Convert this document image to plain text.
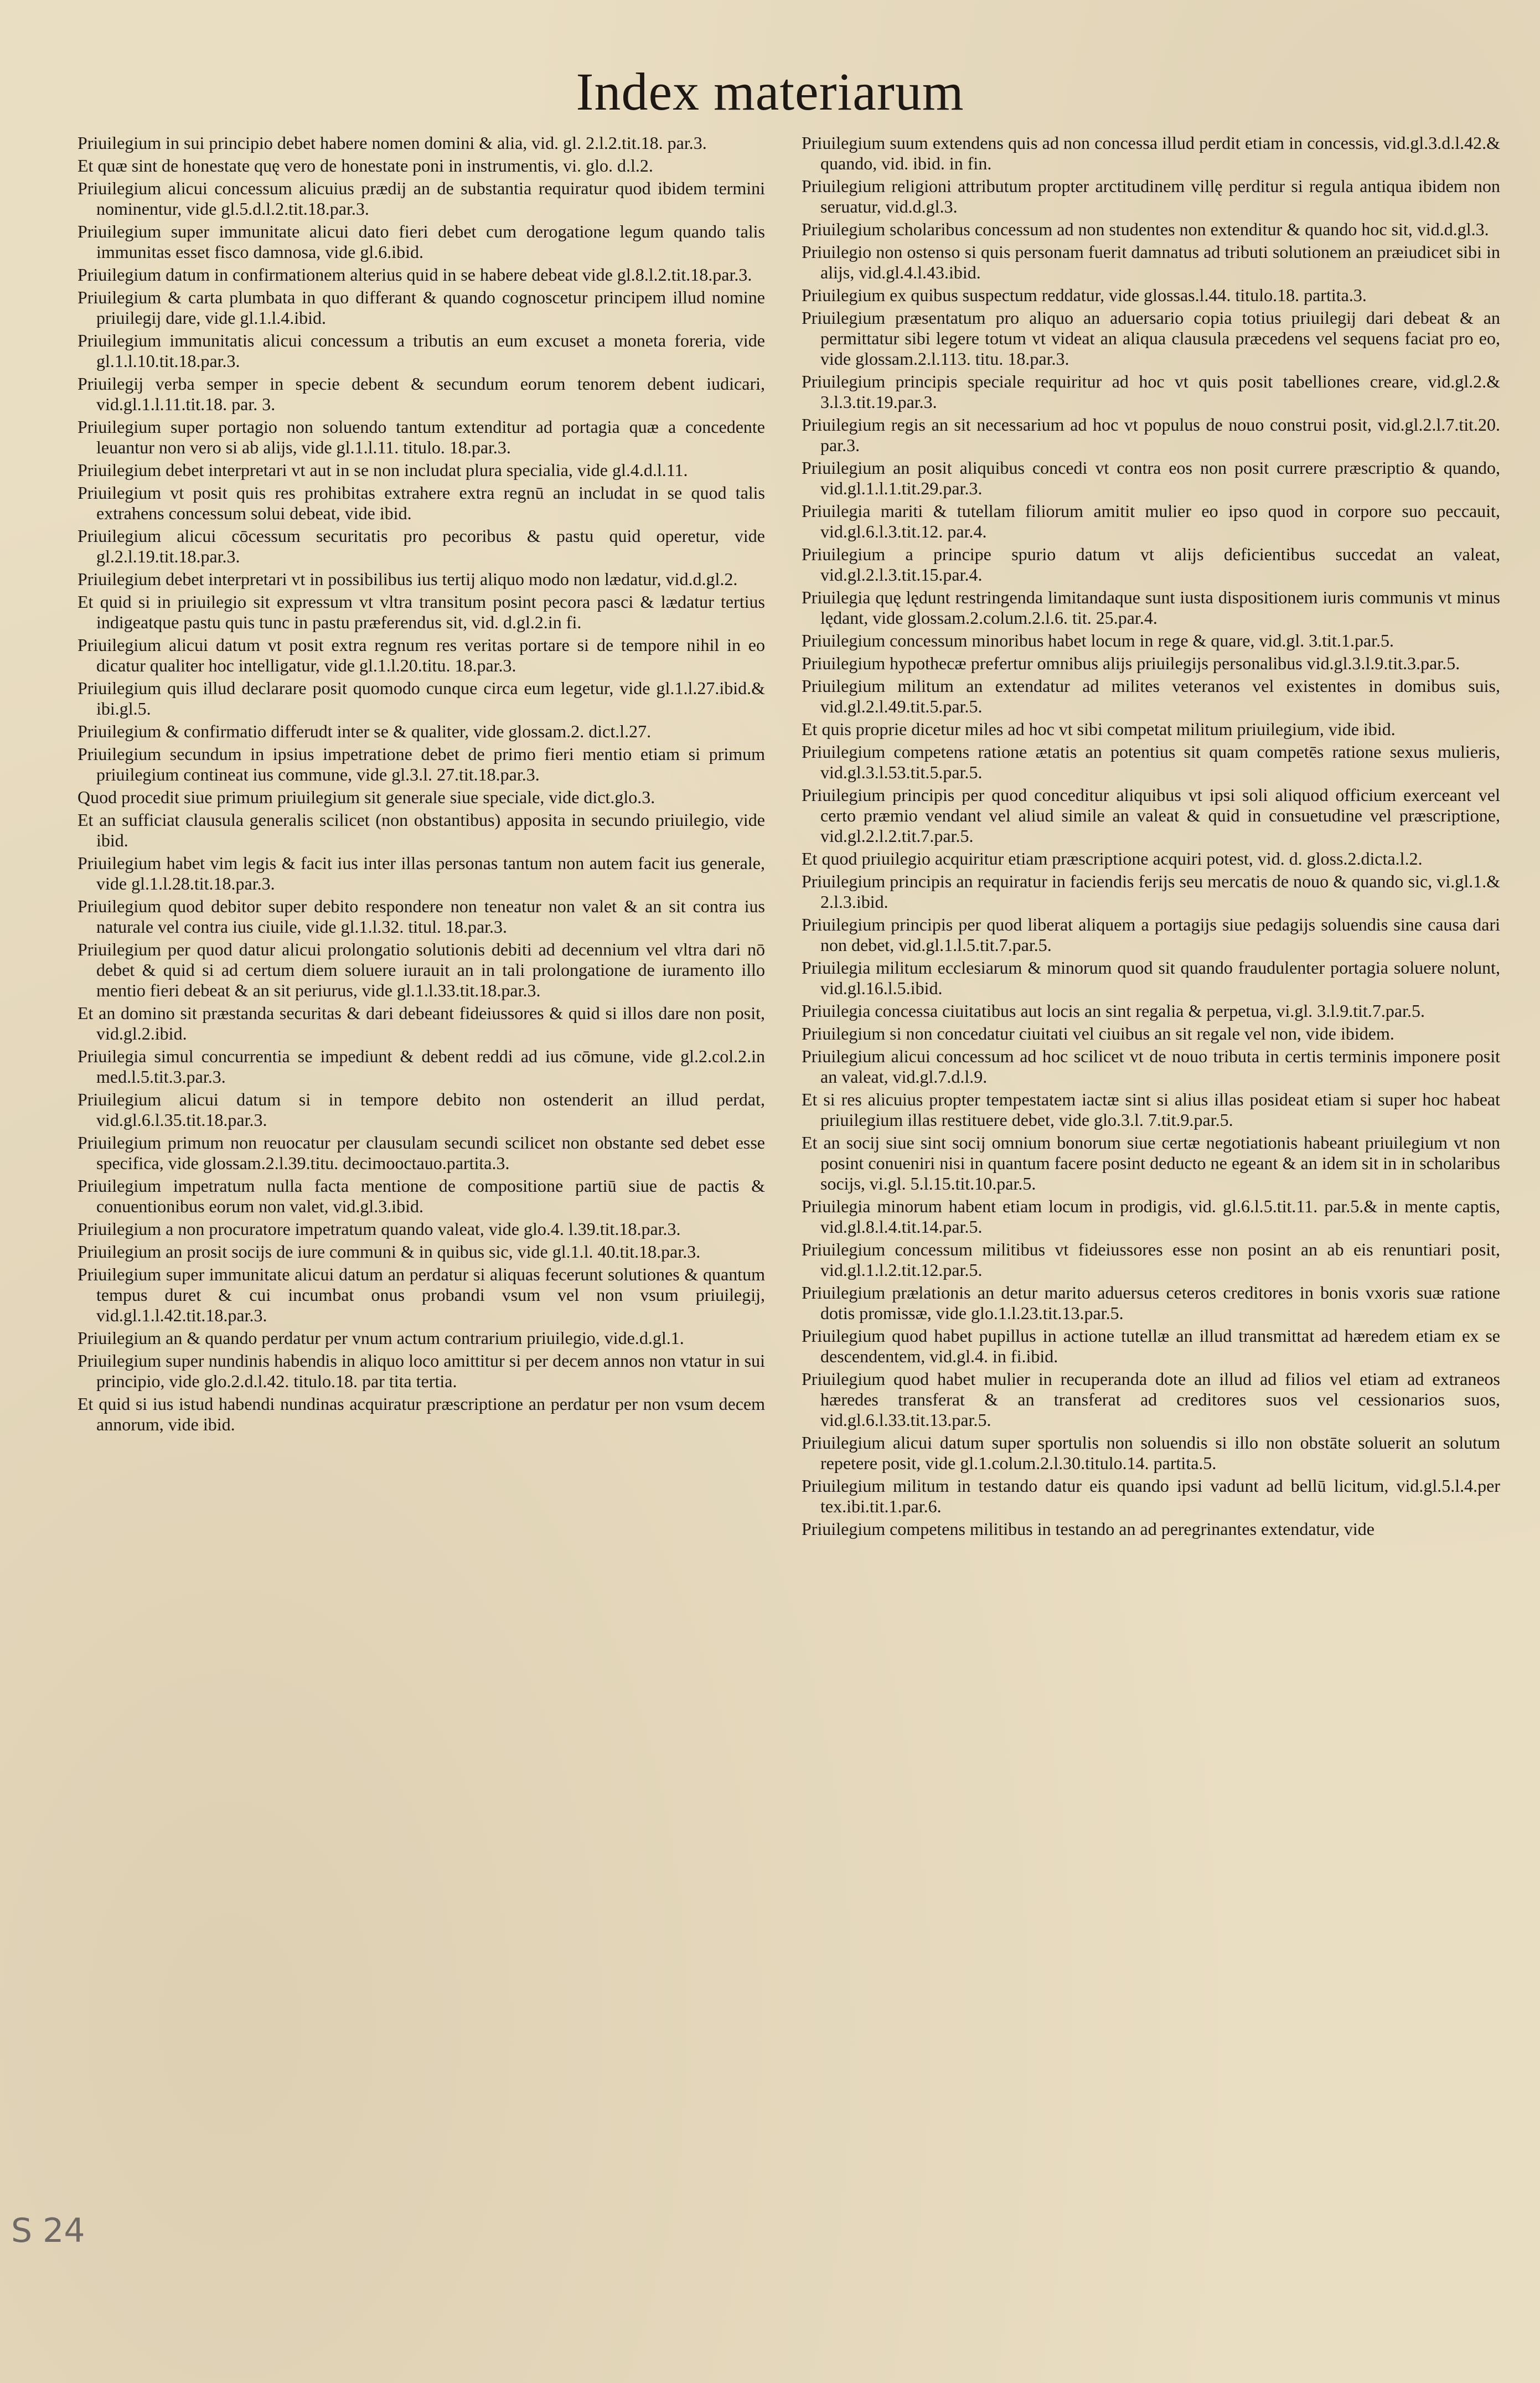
Index materiarum

Priuilegium in sui principio debet habere nomen domini & alia, vid. gl. 2.l.2.tit.18. par.3.

Et quæ sint de honestate quę vero de honestate poni in instrumentis, vi. glo. d.l.2.

Priuilegium alicui concessum alicuius prædij an de substantia requiratur quod ibidem termini nominentur, vide gl.5.d.l.2.tit.18.par.3.

Priuilegium super immunitate alicui dato fieri debet cum derogatione legum quando talis immunitas esset fisco damnosa, vide gl.6.ibid.

Priuilegium datum in confirmationem alterius quid in se habere debeat vide gl.8.l.2.tit.18.par.3.

Priuilegium & carta plumbata in quo differant & quando cognoscetur principem illud nomine priuilegij dare, vide gl.1.l.4.ibid.

Priuilegium immunitatis alicui concessum a tributis an eum excuset a moneta foreria, vide gl.1.l.10.tit.18.par.3.

Priuilegij verba semper in specie debent & secundum eorum tenorem debent iudicari, vid.gl.1.l.11.tit.18. par. 3.

Priuilegium super portagio non soluendo tantum extenditur ad portagia quæ a concedente leuantur non vero si ab alijs, vide gl.1.l.11. titulo. 18.par.3.

Priuilegium debet interpretari vt aut in se non includat plura specialia, vide gl.4.d.l.11.

Priuilegium vt posit quis res prohibitas extrahere extra regnū an includat in se quod talis extrahens concessum solui debeat, vide ibid.

Priuilegium alicui cōcessum securitatis pro pecoribus & pastu quid operetur, vide gl.2.l.19.tit.18.par.3.

Priuilegium debet interpretari vt in possibilibus ius tertij aliquo modo non lædatur, vid.d.gl.2.

Et quid si in priuilegio sit expressum vt vltra transitum posint pecora pasci & lædatur tertius indigeatque pastu quis tunc in pastu præferendus sit, vid. d.gl.2.in fi.

Priuilegium alicui datum vt posit extra regnum res veritas portare si de tempore nihil in eo dicatur qualiter hoc intelligatur, vide gl.1.l.20.titu. 18.par.3.

Priuilegium quis illud declarare posit quomodo cunque circa eum legetur, vide gl.1.l.27.ibid.& ibi.gl.5.

Priuilegium & confirmatio differudt inter se & qualiter, vide glossam.2. dict.l.27.

Priuilegium secundum in ipsius impetratione debet de primo fieri mentio etiam si primum priuilegium contineat ius commune, vide gl.3.l. 27.tit.18.par.3.

Quod procedit siue primum priuilegium sit generale siue speciale, vide dict.glo.3.

Et an sufficiat clausula generalis scilicet (non obstantibus) apposita in secundo priuilegio, vide ibid.

Priuilegium habet vim legis & facit ius inter illas personas tantum non autem facit ius generale, vide gl.1.l.28.tit.18.par.3.

Priuilegium quod debitor super debito respondere non teneatur non valet & an sit contra ius naturale vel contra ius ciuile, vide gl.1.l.32. titul. 18.par.3.

Priuilegium per quod datur alicui prolongatio solutionis debiti ad decennium vel vltra dari nō debet & quid si ad certum diem soluere iurauit an in tali prolongatione de iuramento illo mentio fieri debeat & an sit periurus, vide gl.1.l.33.tit.18.par.3.

Et an domino sit præstanda securitas & dari debeant fideiussores & quid si illos dare non posit, vid.gl.2.ibid.

Priuilegia simul concurrentia se impediunt & debent reddi ad ius cōmune, vide gl.2.col.2.in med.l.5.tit.3.par.3.

Priuilegium alicui datum si in tempore debito non ostenderit an illud perdat, vid.gl.6.l.35.tit.18.par.3.

Priuilegium primum non reuocatur per clausulam secundi scilicet non obstante sed debet esse specifica, vide glossam.2.l.39.titu. decimooctauo.partita.3.

Priuilegium impetratum nulla facta mentione de compositione partiū siue de pactis & conuentionibus eorum non valet, vid.gl.3.ibid.

Priuilegium a non procuratore impetratum quando valeat, vide glo.4. l.39.tit.18.par.3.

Priuilegium an prosit socijs de iure communi & in quibus sic, vide gl.1.l. 40.tit.18.par.3.

Priuilegium super immunitate alicui datum an perdatur si aliquas fecerunt solutiones & quantum tempus duret & cui incumbat onus probandi vsum vel non vsum priuilegij, vid.gl.1.l.42.tit.18.par.3.

Priuilegium an & quando perdatur per vnum actum contrarium priuilegio, vide.d.gl.1.

Priuilegium super nundinis habendis in aliquo loco amittitur si per decem annos non vtatur in sui principio, vide glo.2.d.l.42. titulo.18. par tita tertia.

Et quid si ius istud habendi nundinas acquiratur præscriptione an perdatur per non vsum decem annorum, vide ibid.

Priuilegium suum extendens quis ad non concessa illud perdit etiam in concessis, vid.gl.3.d.l.42.& quando, vid. ibid. in fin.

Priuilegium religioni attributum propter arctitudinem villę perditur si regula antiqua ibidem non seruatur, vid.d.gl.3.

Priuilegium scholaribus concessum ad non studentes non extenditur & quando hoc sit, vid.d.gl.3.

Priuilegio non ostenso si quis personam fuerit damnatus ad tributi solutionem an præiudicet sibi in alijs, vid.gl.4.l.43.ibid.

Priuilegium ex quibus suspectum reddatur, vide glossas.l.44. titulo.18. partita.3.

Priuilegium præsentatum pro aliquo an aduersario copia totius priuilegij dari debeat & an permittatur sibi legere totum vt videat an aliqua clausula præcedens vel sequens faciat pro eo, vide glossam.2.l.113. titu. 18.par.3.

Priuilegium principis speciale requiritur ad hoc vt quis posit tabelliones creare, vid.gl.2.& 3.l.3.tit.19.par.3.

Priuilegium regis an sit necessarium ad hoc vt populus de nouo construi posit, vid.gl.2.l.7.tit.20. par.3.

Priuilegium an posit aliquibus concedi vt contra eos non posit currere præscriptio & quando, vid.gl.1.l.1.tit.29.par.3.

Priuilegia mariti & tutellam filiorum amitit mulier eo ipso quod in corpore suo peccauit, vid.gl.6.l.3.tit.12. par.4.

Priuilegium a principe spurio datum vt alijs deficientibus succedat an valeat, vid.gl.2.l.3.tit.15.par.4.

Priuilegia quę lędunt restringenda limitandaque sunt iusta dispositionem iuris communis vt minus lędant, vide glossam.2.colum.2.l.6. tit. 25.par.4.

Priuilegium concessum minoribus habet locum in rege & quare, vid.gl. 3.tit.1.par.5.

Priuilegium hypothecæ prefertur omnibus alijs priuilegijs personalibus vid.gl.3.l.9.tit.3.par.5.

Priuilegium militum an extendatur ad milites veteranos vel existentes in domibus suis, vid.gl.2.l.49.tit.5.par.5.

Et quis proprie dicetur miles ad hoc vt sibi competat militum priuilegium, vide ibid.

Priuilegium competens ratione ætatis an potentius sit quam competēs ratione sexus mulieris, vid.gl.3.l.53.tit.5.par.5.

Priuilegium principis per quod conceditur aliquibus vt ipsi soli aliquod officium exerceant vel certo præmio vendant vel aliud simile an valeat & quid in consuetudine vel præscriptione, vid.gl.2.l.2.tit.7.par.5.

Et quod priuilegio acquiritur etiam præscriptione acquiri potest, vid. d. gloss.2.dicta.l.2.

Priuilegium principis an requiratur in faciendis ferijs seu mercatis de nouo & quando sic, vi.gl.1.& 2.l.3.ibid.

Priuilegium principis per quod liberat aliquem a portagijs siue pedagijs soluendis sine causa dari non debet, vid.gl.1.l.5.tit.7.par.5.

Priuilegia militum ecclesiarum & minorum quod sit quando fraudulenter portagia soluere nolunt, vid.gl.16.l.5.ibid.

Priuilegia concessa ciuitatibus aut locis an sint regalia & perpetua, vi.gl. 3.l.9.tit.7.par.5.

Priuilegium si non concedatur ciuitati vel ciuibus an sit regale vel non, vide ibidem.

Priuilegium alicui concessum ad hoc scilicet vt de nouo tributa in certis terminis imponere posit an valeat, vid.gl.7.d.l.9.

Et si res alicuius propter tempestatem iactæ sint si alius illas posideat etiam si super hoc habeat priuilegium illas restituere debet, vide glo.3.l. 7.tit.9.par.5.

Et an socij siue sint socij omnium bonorum siue certæ negotiationis habeant priuilegium vt non posint conueniri nisi in quantum facere posint deducto ne egeant & an idem sit in in scholaribus socijs, vi.gl. 5.l.15.tit.10.par.5.

Priuilegia minorum habent etiam locum in prodigis, vid. gl.6.l.5.tit.11. par.5.& in mente captis, vid.gl.8.l.4.tit.14.par.5.

Priuilegium concessum militibus vt fideiussores esse non posint an ab eis renuntiari posit, vid.gl.1.l.2.tit.12.par.5.

Priuilegium prælationis an detur marito aduersus ceteros creditores in bonis vxoris suæ ratione dotis promissæ, vide glo.1.l.23.tit.13.par.5.

Priuilegium quod habet pupillus in actione tutellæ an illud transmittat ad hæredem etiam ex se descendentem, vid.gl.4. in fi.ibid.

Priuilegium quod habet mulier in recuperanda dote an illud ad filios vel etiam ad extraneos hæredes transferat & an transferat ad creditores suos vel cessionarios suos, vid.gl.6.l.33.tit.13.par.5.

Priuilegium alicui datum super sportulis non soluendis si illo non obstāte soluerit an solutum repetere posit, vide gl.1.colum.2.l.30.titulo.14. partita.5.

Priuilegium militum in testando datur eis quando ipsi vadunt ad bellū licitum, vid.gl.5.l.4.per tex.ibi.tit.1.par.6.

Priuilegium competens militibus in testando an ad peregrinantes extendatur, vide

S 24
